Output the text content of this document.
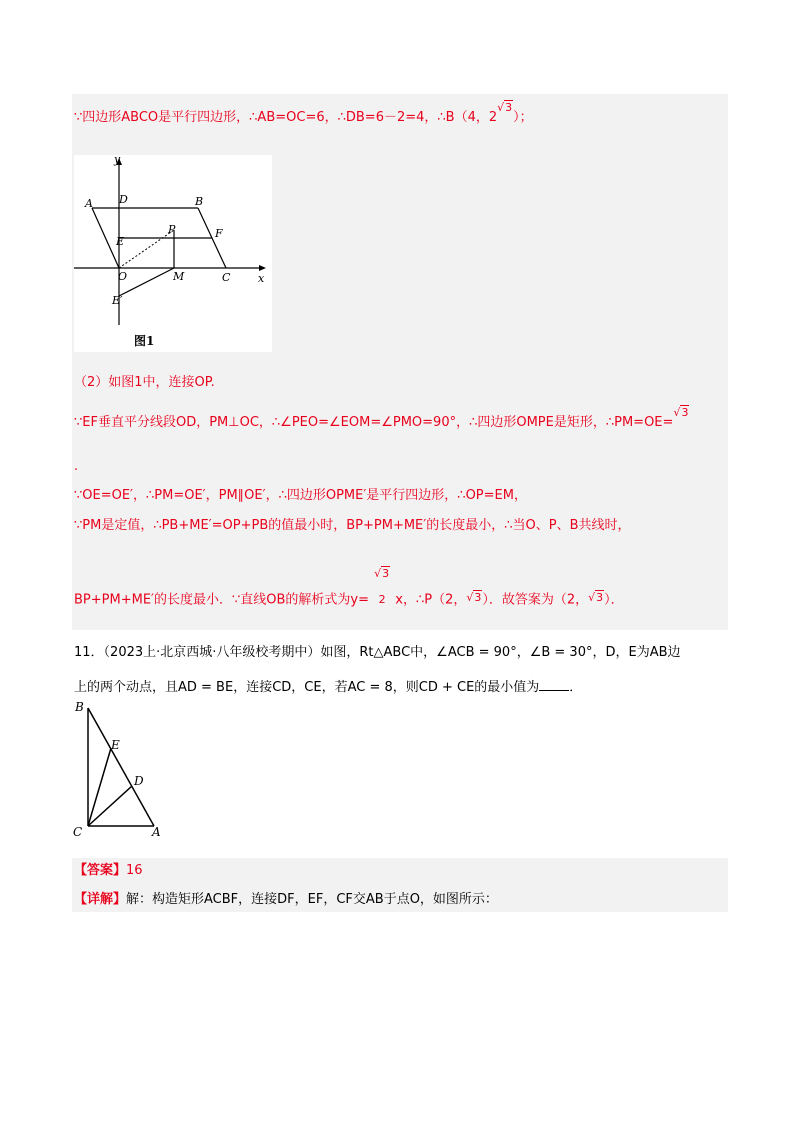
∵四边形ABCO是平行四边形，∴AB=OC=6，∴DB=6－2=4，∴B（4，$2^{√3}$）；
y
x
A D	B
E
P	F
O	M	C
E′
图1
（2）如图1中，连接OP.
∵EF垂直平分线段OD，PM⊥OC，∴∠PEO=∠EOM=∠PMO=90°，∴四边形OMPE是矩形，∴PM=OE=$^{√3}$
.
∵OE=OE′，∴PM=OE′，PM∥OE′，∴四边形OPME′是平行四边形，∴OP=EM，
∵PM是定值，∴PB+ME′=OP+PB的值最小时，BP+PM+ME′的长度最小，∴当O、P、B共线时，
BP+PM+ME′的长度最小．∵直线OB的解析式为y=
√3
2 x，∴P（2，$^{√3}$）．故答案为（2，$^{√3}$）．
11．（2023上·北京西城·八年级校考期中）如图，Rt△ABC中，∠ACB = 90°，∠B = 30°，D，E为AB边
上的两个动点，且AD = BE，连接CD，CE，若AC = 8，则CD + CE的最小值为 ．
B
E
D
C	A
【答案】16
【详解】解：构造矩形ACBF，连接DF，EF，CF交AB于点O，如图所示：
